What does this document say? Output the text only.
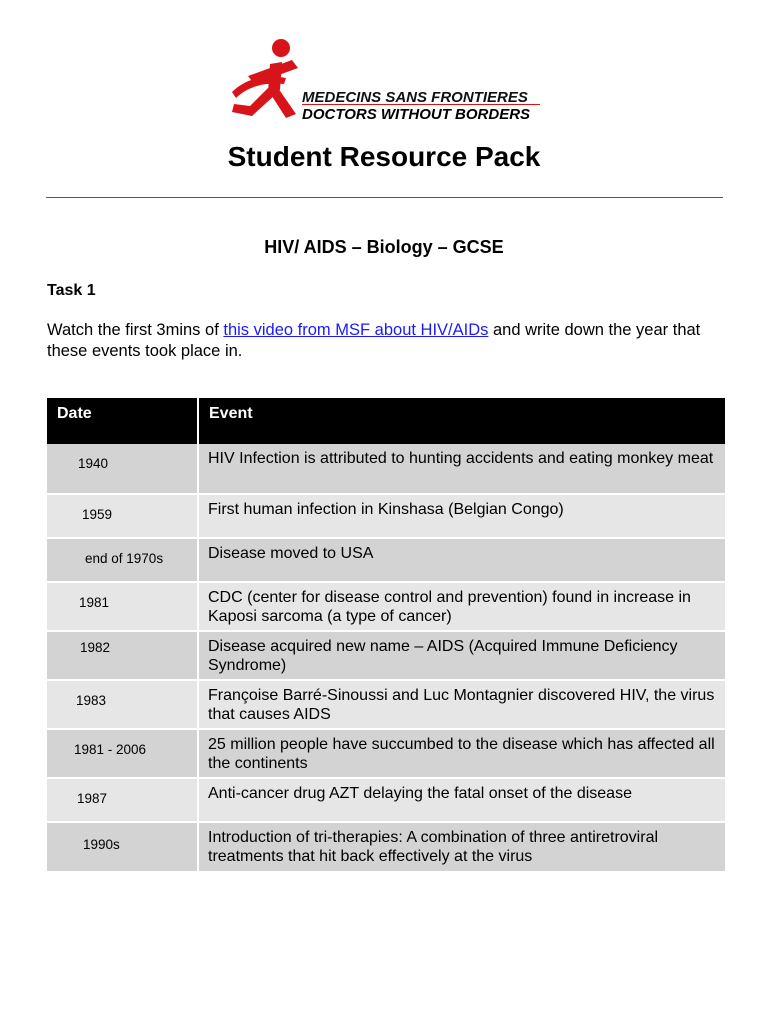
MEDECINS SANS FRONTIERES
DOCTORS WITHOUT BORDERS
Student Resource Pack
HIV/ AIDS – Biology – GCSE
Task 1

Watch the first 3mins of this video from MSF about HIV/AIDs and write down the year that these events took place in.

Date	Event
1940	HIV Infection is attributed to hunting accidents and eating monkey meat
1959	First human infection in Kinshasa (Belgian Congo)
end of 1970s	Disease moved to USA
1981	CDC (center for disease control and prevention) found in increase in Kaposi sarcoma (a type of cancer)
1982	Disease acquired new name – AIDS (Acquired Immune Deficiency Syndrome)
1983	Françoise Barré-Sinoussi and Luc Montagnier discovered HIV, the virus that causes AIDS
1981 - 2006	25 million people have succumbed to the disease which has affected all the continents
1987	Anti-cancer drug AZT delaying the fatal onset of the disease
1990s	Introduction of tri-therapies: A combination of three antiretroviral treatments that hit back effectively at the virus
